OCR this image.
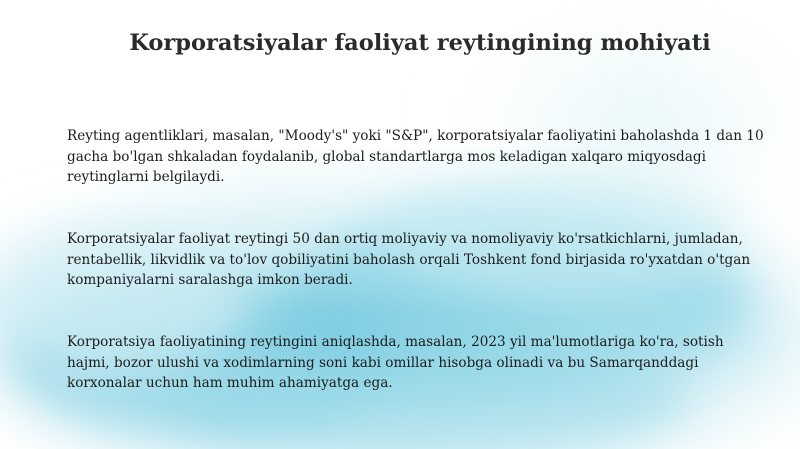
Korporatsiyalar faoliyat reytingining mohiyati
Reyting agentliklari, masalan, "Moody's" yoki "S&P", korporatsiyalar faoliyatini baholashda 1 dan 10 gacha bo'lgan shkaladan foydalanib, global standartlarga mos keladigan xalqaro miqyosdagi reytinglarni belgilaydi.
Korporatsiyalar faoliyat reytingi 50 dan ortiq moliyaviy va nomoliyaviy ko'rsatkichlarni, jumladan, rentabellik, likvidlik va to'lov qobiliyatini baholash orqali Toshkent fond birjasida ro'yxatdan o'tgan kompaniyalarni saralashga imkon beradi.
Korporatsiya faoliyatining reytingini aniqlashda, masalan, 2023 yil ma'lumotlariga ko'ra, sotish hajmi, bozor ulushi va xodimlarning soni kabi omillar hisobga olinadi va bu Samarqanddagi korxonalar uchun ham muhim ahamiyatga ega.
